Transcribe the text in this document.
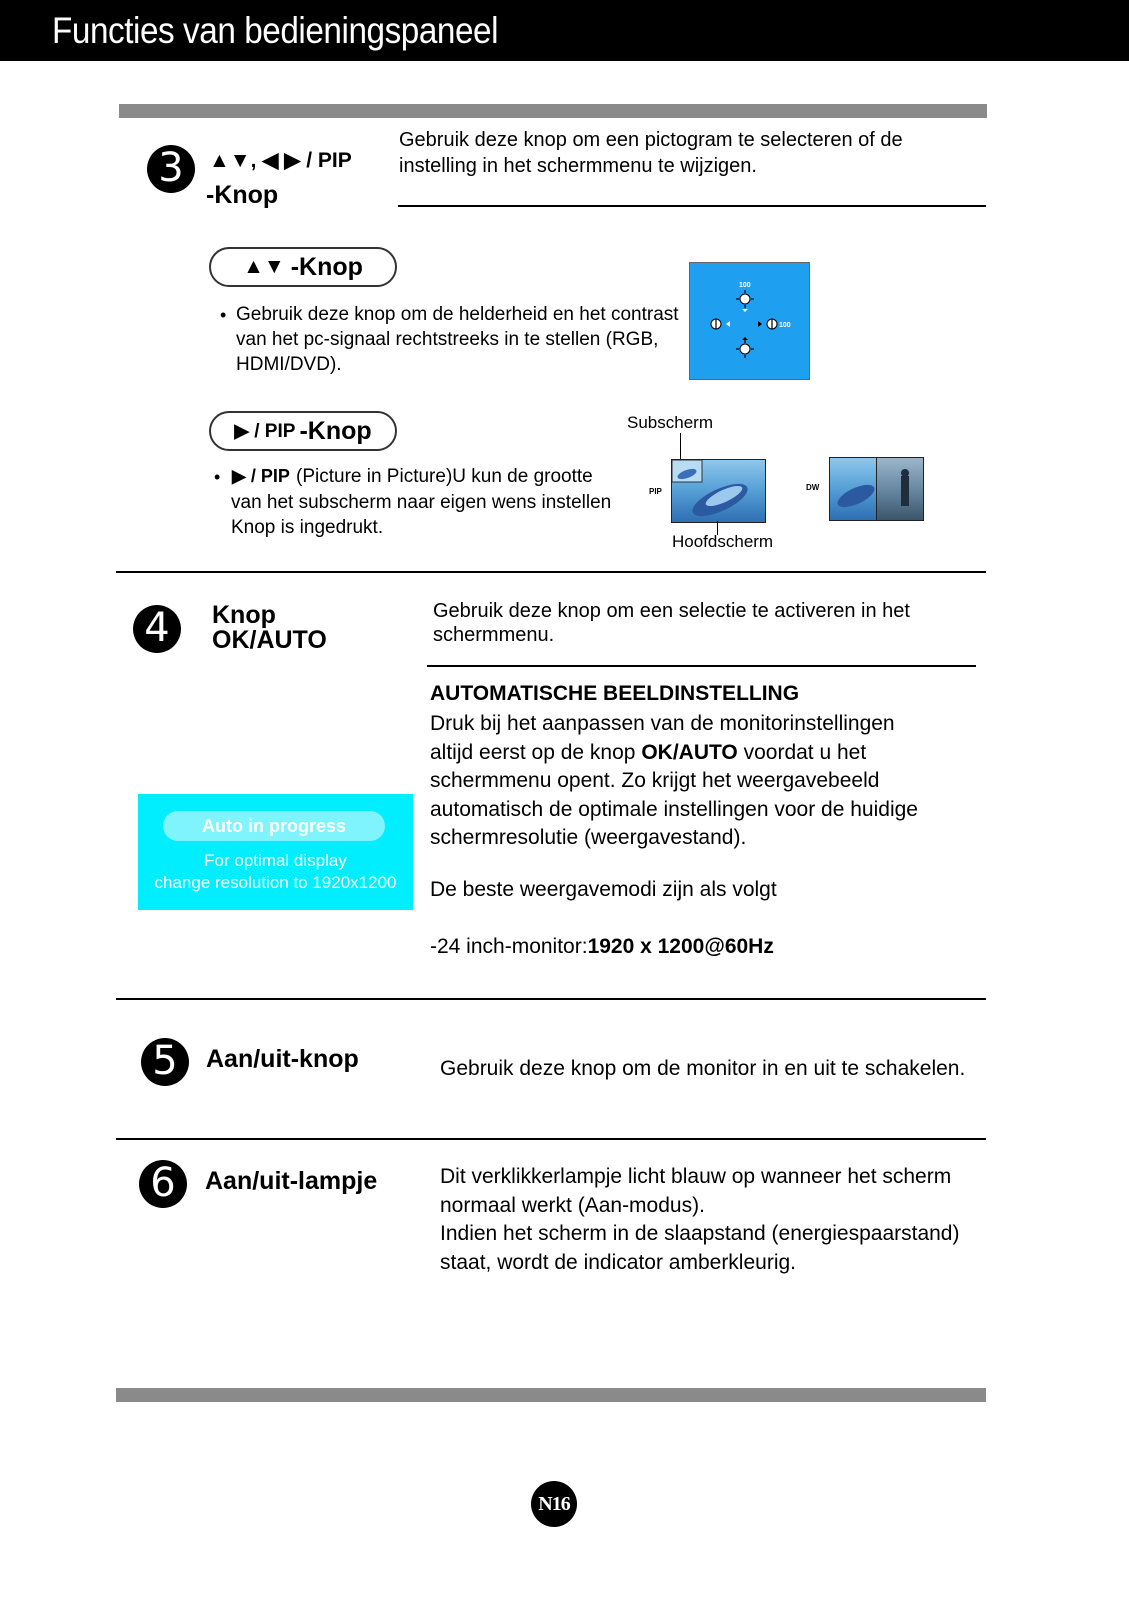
Functies van bedieningspaneel
3 ▲▼, ◀ ▶ / PIP
-Knop
Gebruik deze knop om een pictogram te selecteren of de
instelling in het schermmenu te wijzigen.
▲▼ -Knop
• Gebruik deze knop om de helderheid en het contrast
van het pc-signaal rechtstreeks in te stellen (RGB,
HDMI/DVD).
100
100
▶ / PIP -Knop
• ▶ / PIP (Picture in Picture)U kun de grootte
van het subscherm naar eigen wens instellen
Knop is ingedrukt.
Subscherm
PIP
Hoofdscherm
DW
4 Knop
OK/AUTO
Gebruik deze knop om een selectie te activeren in het
schermmenu.
AUTOMATISCHE BEELDINSTELLING
Druk bij het aanpassen van de monitorinstellingen
altijd eerst op de knop OK/AUTO voordat u het
schermmenu opent. Zo krijgt het weergavebeeld
automatisch de optimale instellingen voor de huidige
schermresolutie (weergavestand).
De beste weergavemodi zijn als volgt
-24 inch-monitor:1920 x 1200@60Hz
Auto in progress
For optimal display
change resolution to 1920x1200
5 Aan/uit-knop	Gebruik deze knop om de monitor in en uit te schakelen.
6 Aan/uit-lampje	Dit verklikkerlampje licht blauw op wanneer het scherm
normaal werkt (Aan-modus).
Indien het scherm in de slaapstand (energiespaarstand)
staat, wordt de indicator amberkleurig.
N16
